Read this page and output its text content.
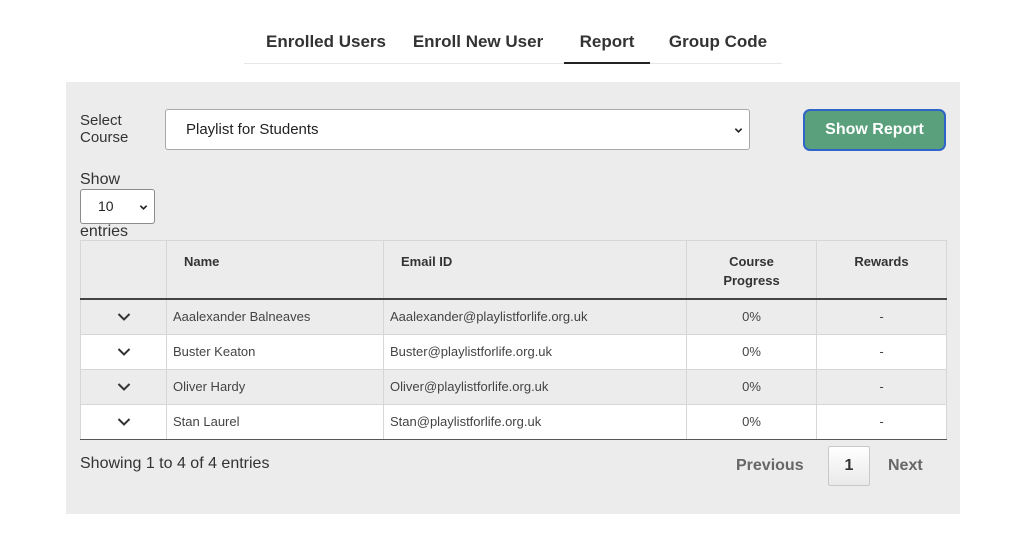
Enrolled Users	Enroll New User	Report	Group Code
Select Course	Playlist for Students	Show Report
Show
10
entries
	Name	Email ID	Course Progress	Rewards
	Aaalexander Balneaves	Aaalexander@playlistforlife.org.uk	0%	-
	Buster Keaton	Buster@playlistforlife.org.uk	0%	-
	Oliver Hardy	Oliver@playlistforlife.org.uk	0%	-
	Stan Laurel	Stan@playlistforlife.org.uk	0%	-
Showing 1 to 4 of 4 entries	Previous	1	Next
